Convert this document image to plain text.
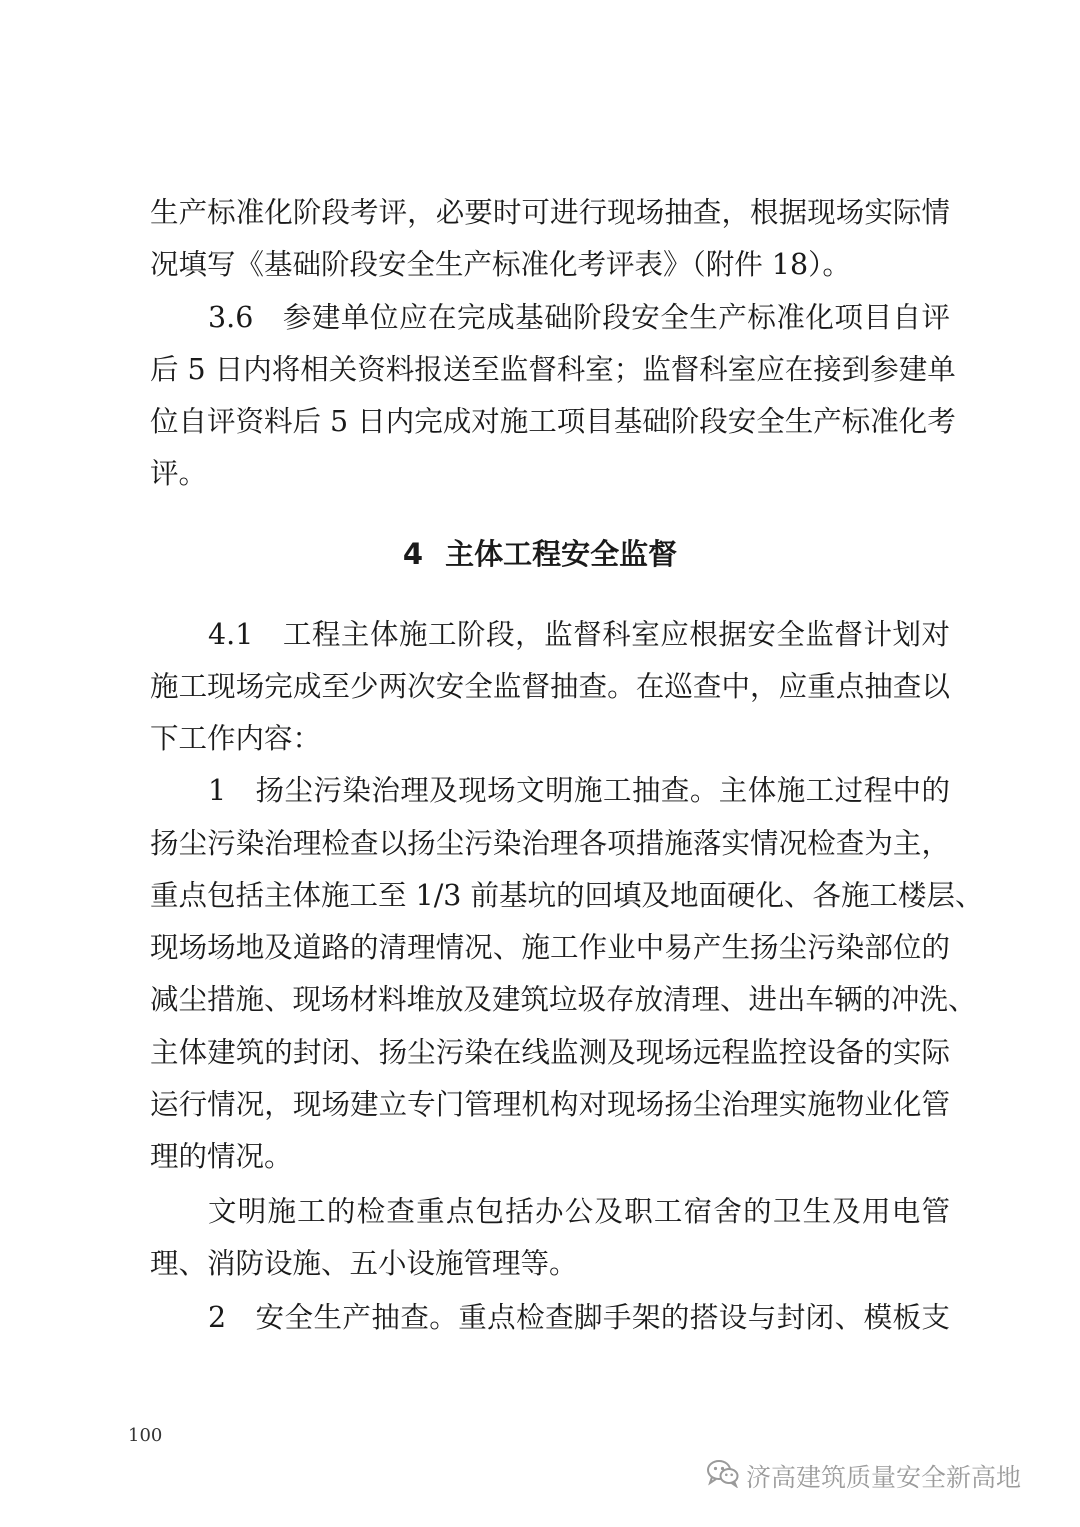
生产标准化阶段考评，必要时可进行现场抽查，根据现场实际情
况填写《基础阶段安全生产标准化考评表》（附件 18）。
3.6　参建单位应在完成基础阶段安全生产标准化项目自评
后 5 日内将相关资料报送至监督科室；监督科室应在接到参建单
位自评资料后 5 日内完成对施工项目基础阶段安全生产标准化考
评。
4 主体工程安全监督
4.1　工程主体施工阶段，监督科室应根据安全监督计划对
施工现场完成至少两次安全监督抽查。在巡查中，应重点抽查以
下工作内容：
1　扬尘污染治理及现场文明施工抽查。主体施工过程中的
扬尘污染治理检查以扬尘污染治理各项措施落实情况检查为主，
重点包括主体施工至 1/3 前基坑的回填及地面硬化、各施工楼层、
现场场地及道路的清理情况、施工作业中易产生扬尘污染部位的
减尘措施、现场材料堆放及建筑垃圾存放清理、进出车辆的冲洗、
主体建筑的封闭、扬尘污染在线监测及现场远程监控设备的实际
运行情况，现场建立专门管理机构对现场扬尘治理实施物业化管
理的情况。
文明施工的检查重点包括办公及职工宿舍的卫生及用电管
理、消防设施、五小设施管理等。
2　安全生产抽查。重点检查脚手架的搭设与封闭、模板支
100
济高建筑质量安全新高地
